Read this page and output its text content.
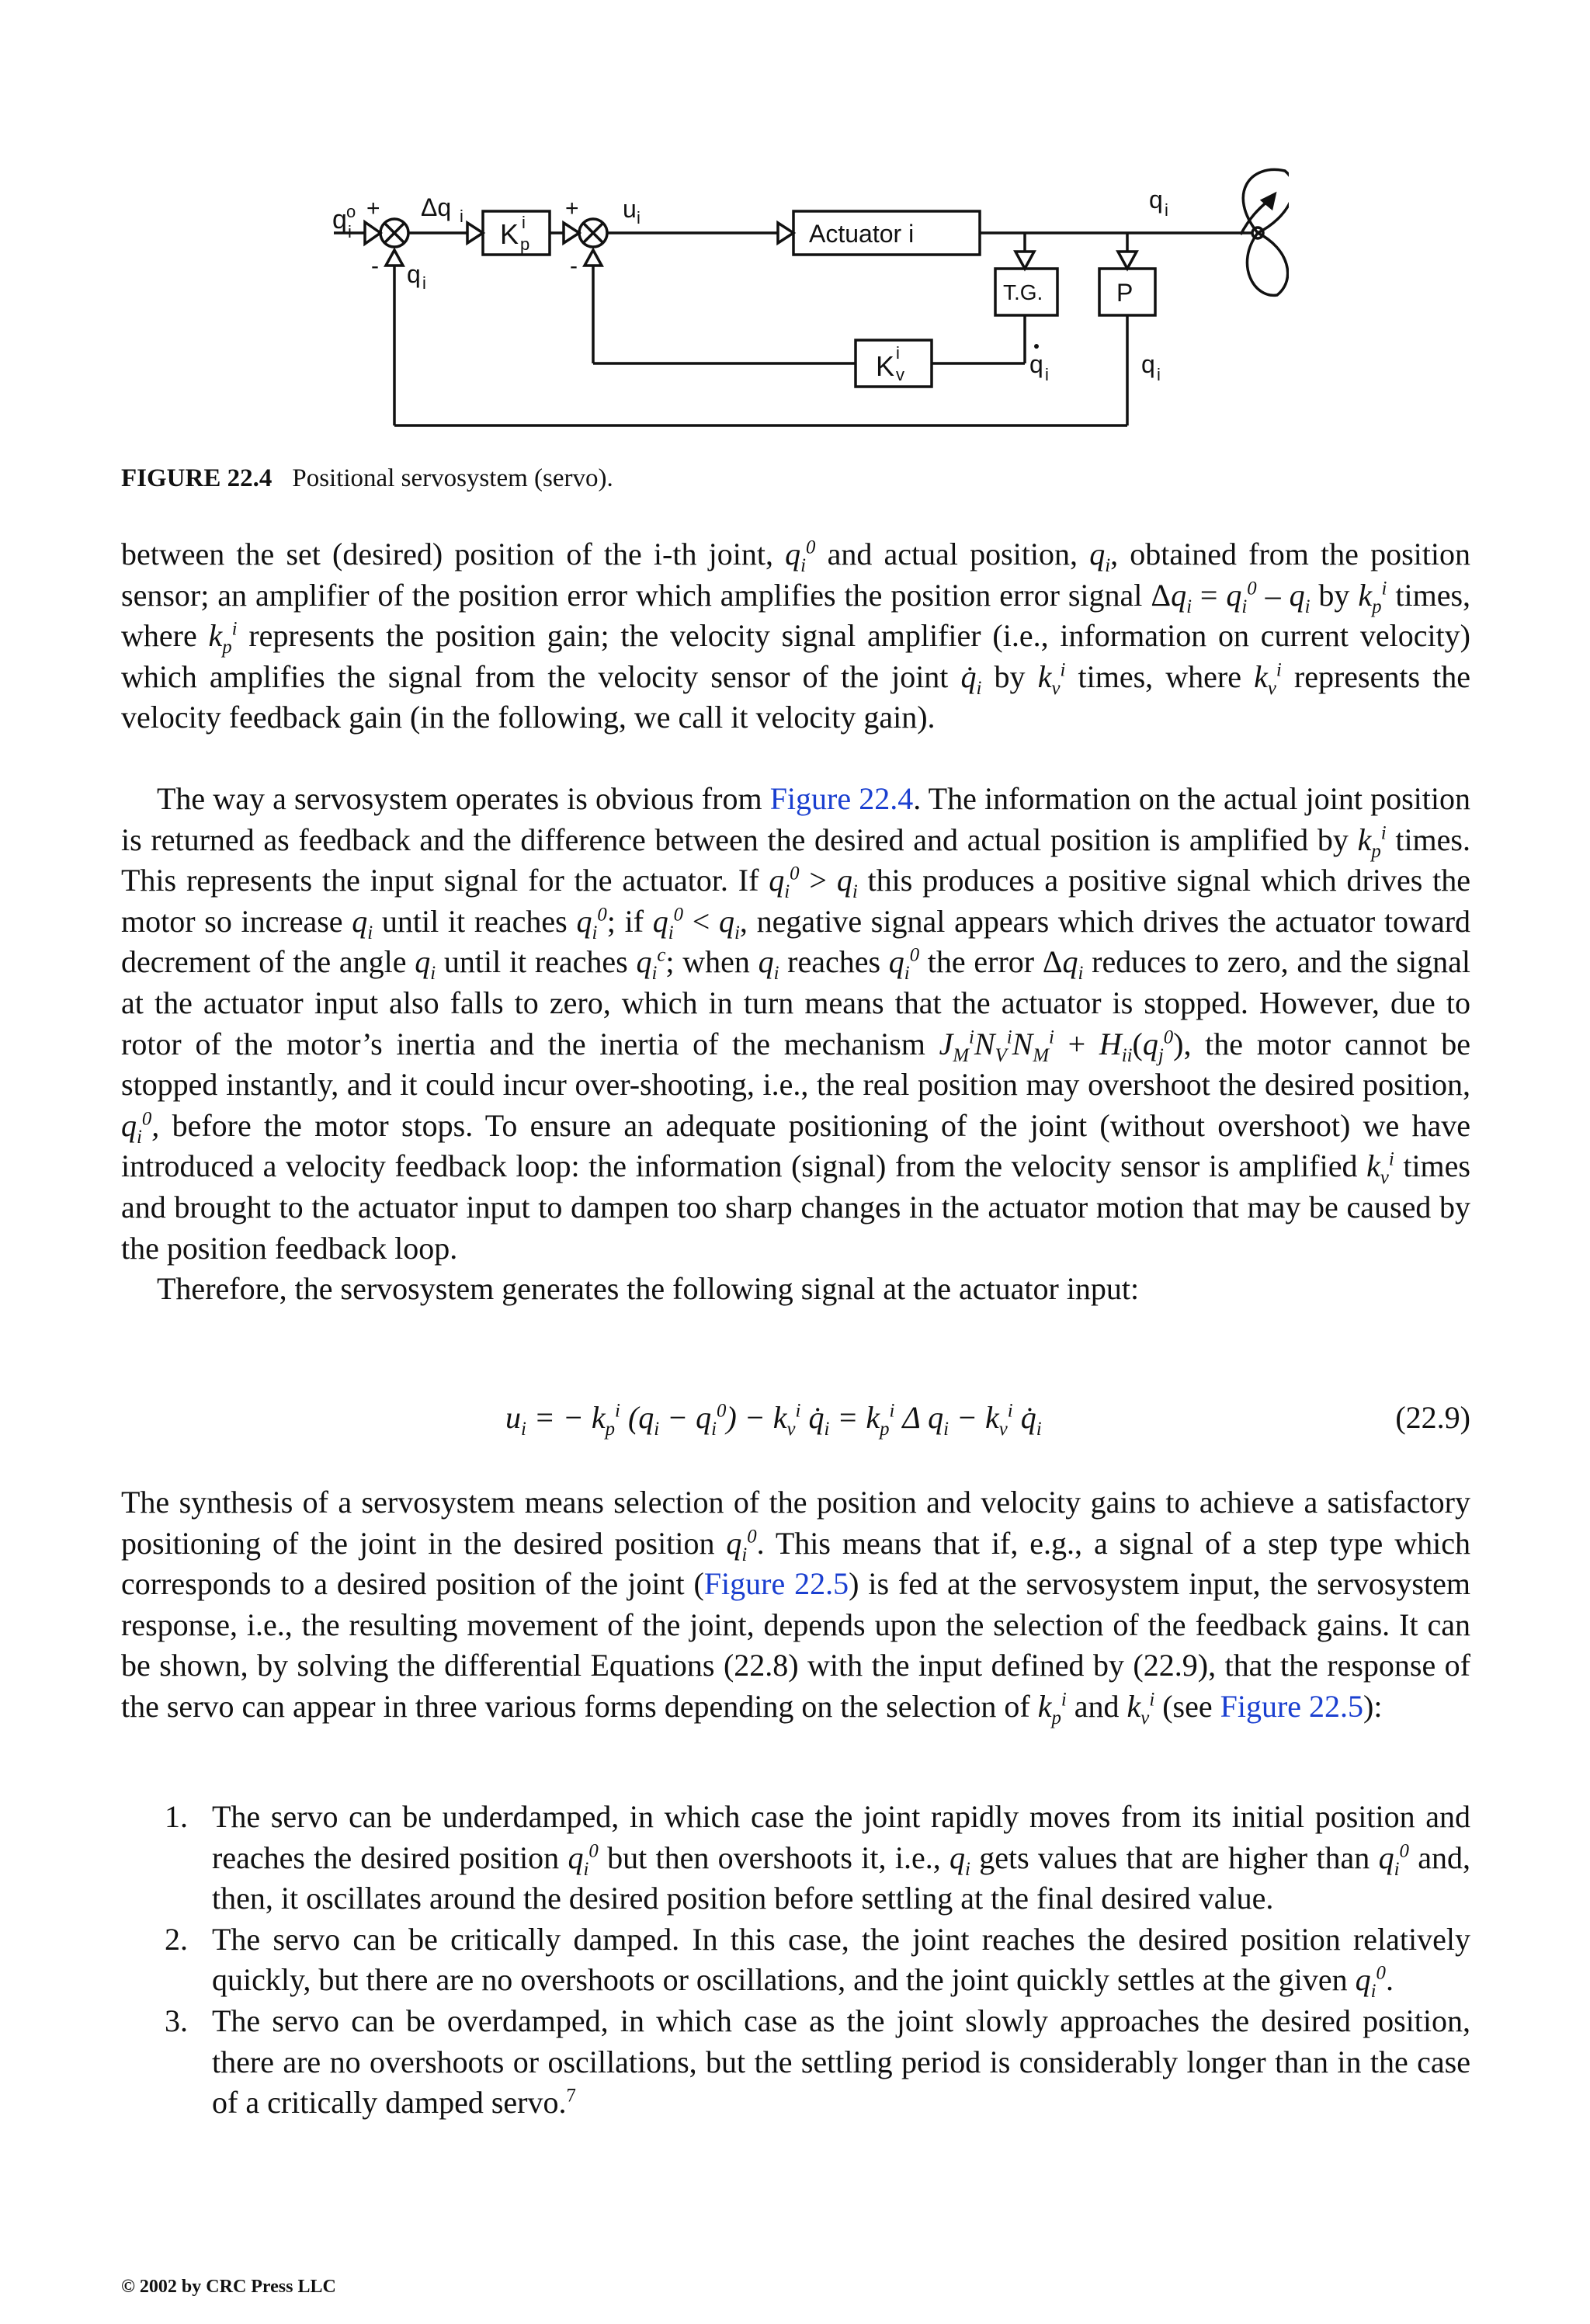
q o
i
+
- q i
Δq i
K i
p
+
-
u i
Actuator i
T.G.	P
K i
v
q i
q i	q i
FIGURE 22.4 Positional servosystem (servo).

between the set (desired) position of the i-th joint, $q_i^0$ and actual position, $q_i$, obtained from the position sensor; an amplifier of the position error which amplifies the position error signal $\Delta q_i = q_i^0 - q_i$ by $k_p^i$ times, where $k_p^i$ represents the position gain; the velocity signal amplifier (i.e., information on current velocity) which amplifies the signal from the velocity sensor of the joint $q̇_i$ by $k_v^i$ times, where $k_v^i$ represents the velocity feedback gain (in the following, we call it velocity gain).

The way a servosystem operates is obvious from Figure 22.4. The information on the actual joint position is returned as feedback and the difference between the desired and actual position is amplified by $k_p^i$ times. This represents the input signal for the actuator. If $q_i^0 > q_i$ this produces a positive signal which drives the motor so increase $q_i$ until it reaches $q_i^0$; if $q_i^0 < q_i$, negative signal appears which drives the actuator toward decrement of the angle $q_i$ until it reaches $q_i^c$; when $q_i$ reaches $q_i^0$ the error $\Delta q_i$ reduces to zero, and the signal at the actuator input also falls to zero, which in turn means that the actuator is stopped. However, due to rotor of the motor’s inertia and the inertia of the mechanism $J_M^iN_V^iN_M^i + H_{ii}(q_j^0)$, the motor cannot be stopped instantly, and it could incur over-shooting, i.e., the real position may overshoot the desired position, $q_i^0$, before the motor stops. To ensure an adequate positioning of the joint (without overshoot) we have introduced a velocity feedback loop: the information (signal) from the velocity sensor is amplified $k_v^i$ times and brought to the actuator input to dampen too sharp changes in the actuator motion that may be caused by the position feedback loop.

Therefore, the servosystem generates the following signal at the actuator input:

$u_i$ = − $k_p^i$ $(q_i - q_i^0) - k_v^i$ $q̇_i = k_p^i$ Δ $q_i - k_v^i$ $q̇_i$	(22.9)

The synthesis of a servosystem means selection of the position and velocity gains to achieve a satisfactory positioning of the joint in the desired position $q_i^0$. This means that if, e.g., a signal of a step type which corresponds to a desired position of the joint (Figure 22.5) is fed at the servosystem input, the servosystem response, i.e., the resulting movement of the joint, depends upon the selection of the feedback gains. It can be shown, by solving the differential Equations (22.8) with the input defined by (22.9), that the response of the servo can appear in three various forms depending on the selection of $k_p^i$ and $k_v^i$ (see Figure 22.5):

1. The servo can be underdamped, in which case the joint rapidly moves from its initial position and reaches the desired position $q_i^0$ but then overshoots it, i.e., $q_i$ gets values that are higher than $q_i^0$ and, then, it oscillates around the desired position before settling at the final desired value.

2. The servo can be critically damped. In this case, the joint reaches the desired position relatively quickly, but there are no overshoots or oscillations, and the joint quickly settles at the given $q_i^0$.

3. The servo can be overdamped, in which case as the joint slowly approaches the desired position, there are no overshoots or oscillations, but the settling period is considerably longer than in the case of a critically damped servo.$^7$

© 2002 by CRC Press LLC
